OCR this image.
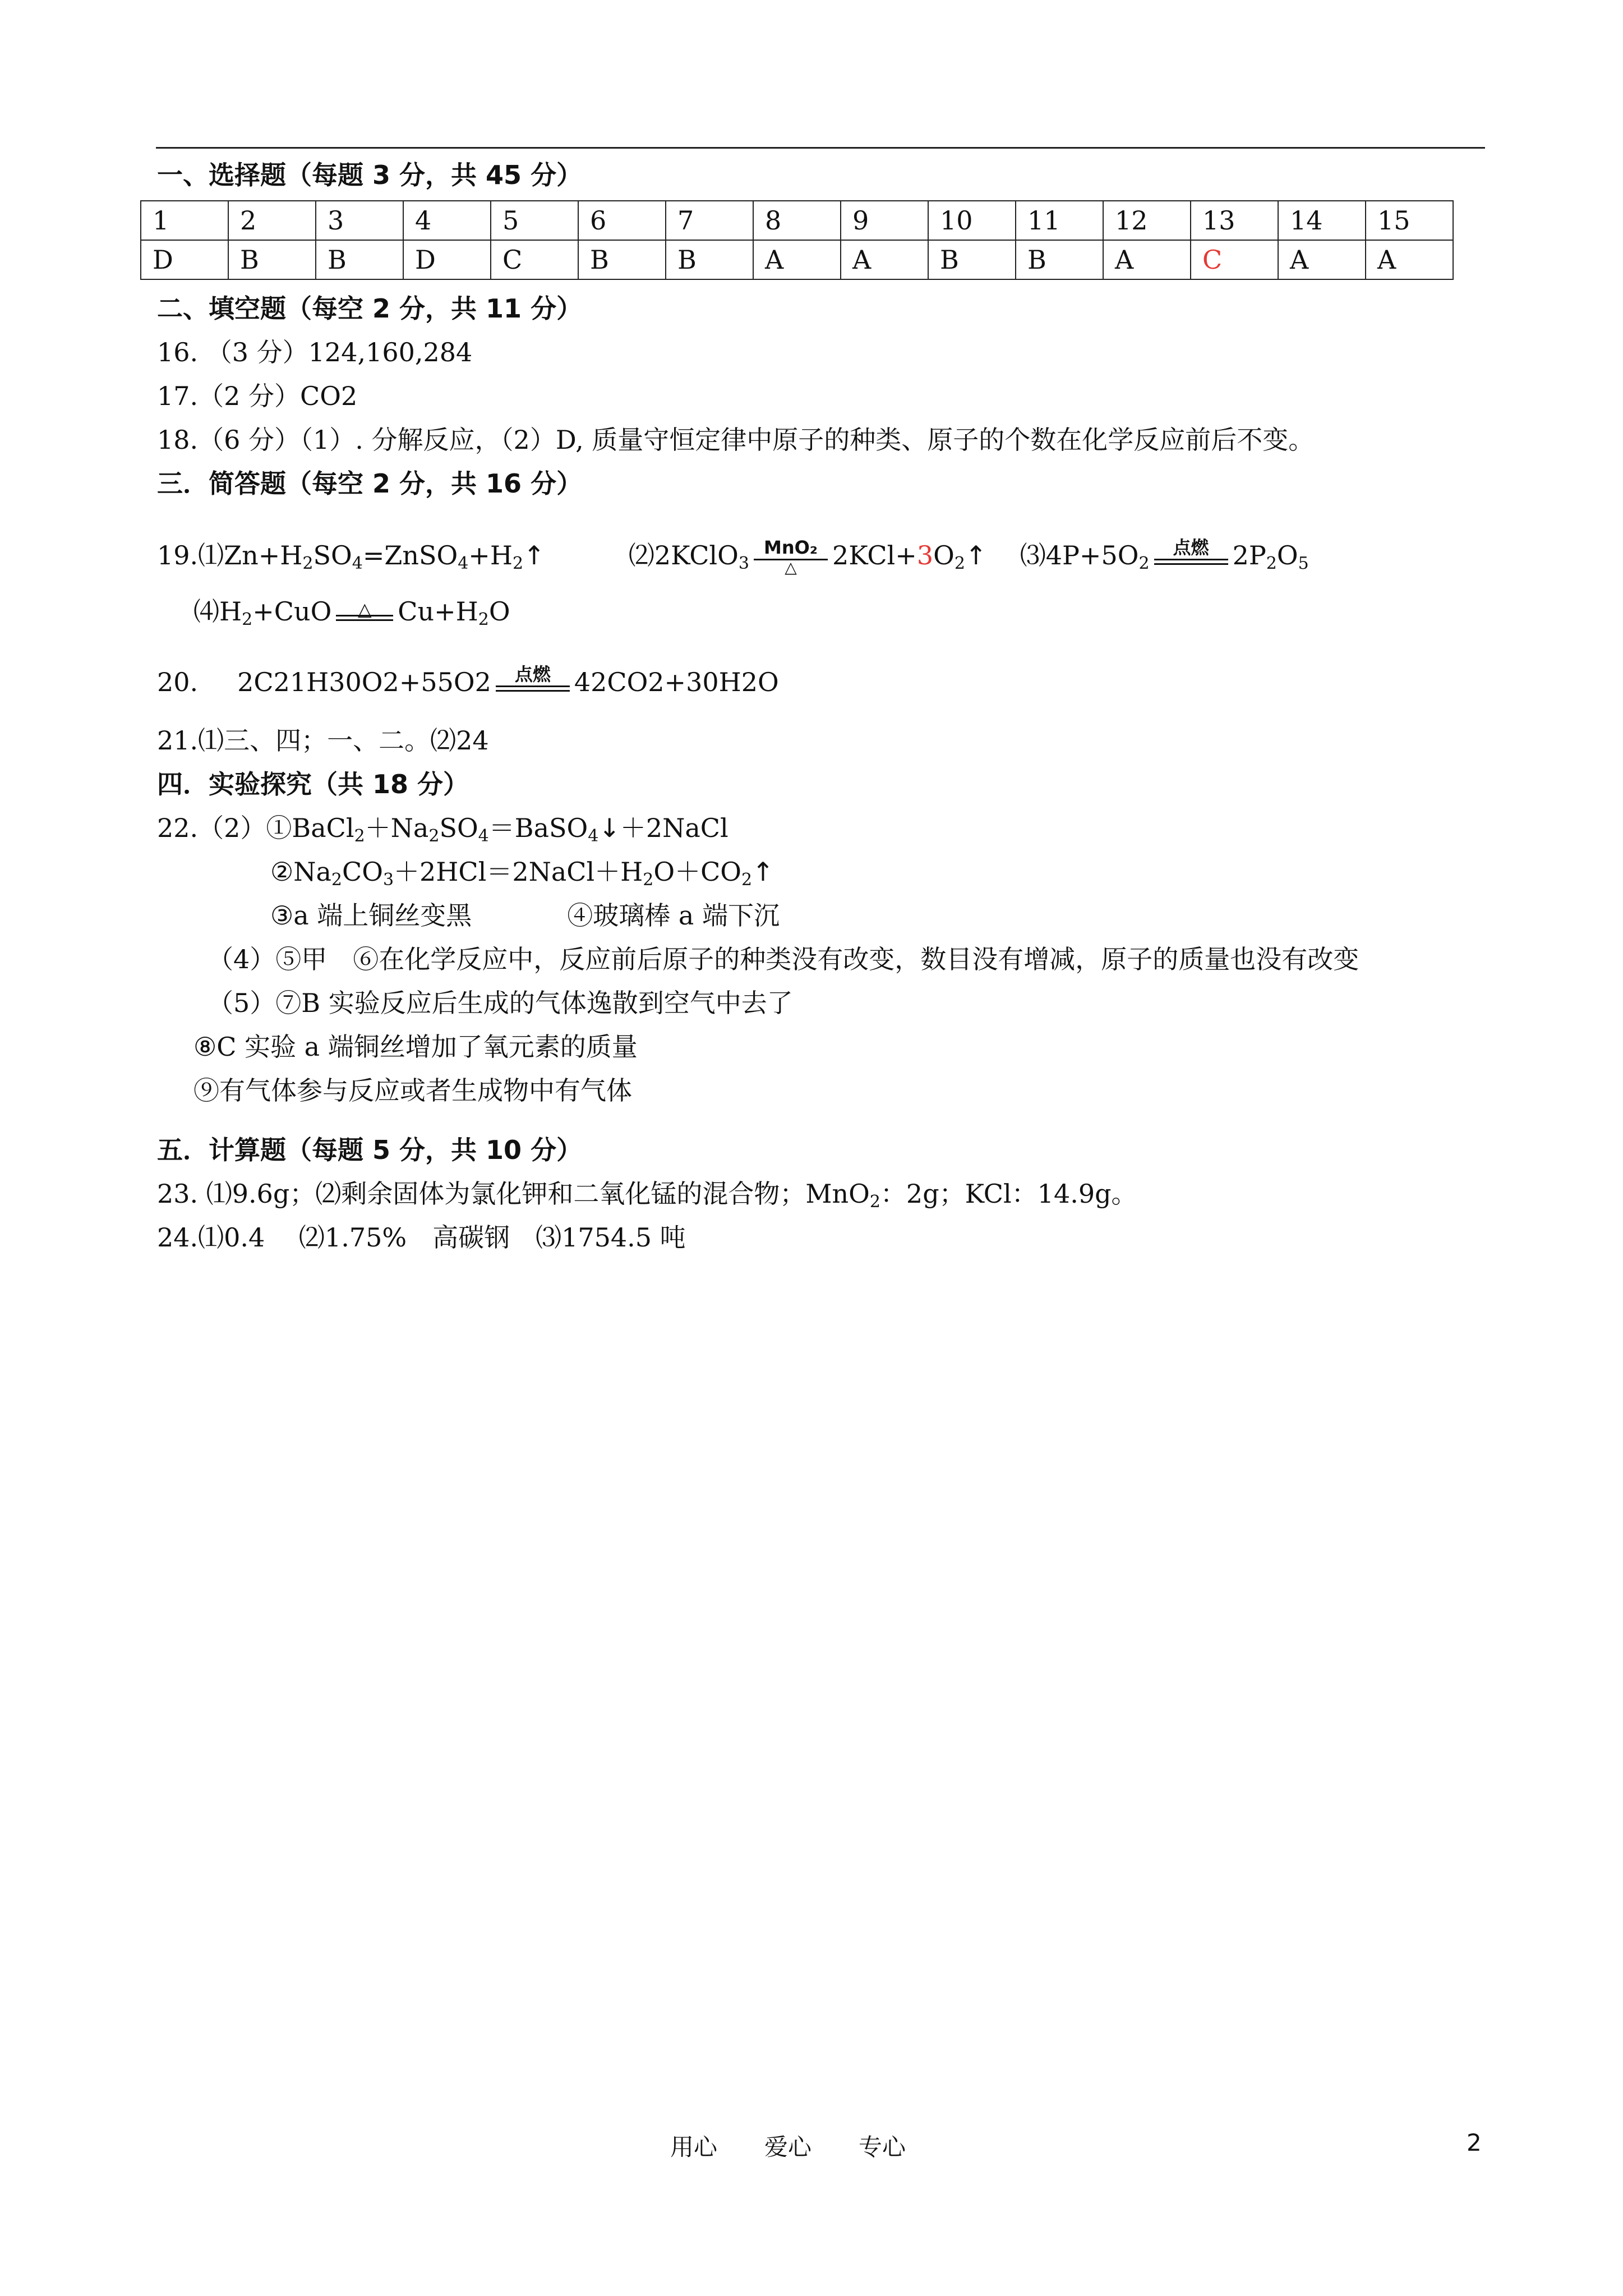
一、选择题（每题 3 分，共 45 分）
1	2	3	4	5	6	7	8	9	10	11	12	13	14	15
D	B	B	D	C	B	B	A	A	B	B	A	C	A	A
二、填空题（每空 2 分，共 11 分）
16. （3 分）124,160,284
17.（2 分）CO2
18.（6 分）（1）. 分解反应，（2）D, 质量守恒定律中原子的种类、原子的个数在化学反应前后不变。
三．简答题（每空 2 分，共 16 分）
$19.⑴Zn+H_2SO_4=ZnSO_4+H_2↑$	⑵2KClO$_3$
MnO₂
△	$2KCl+3O_2↑$ $⑶4P+5O_2$
点燃 $2P_2O_5$
$⑷H_2+CuO$	△	$Cu+H_2O$
20. 2C21H30O2+55O2	点燃 42CO2+30H2O
21.⑴三、四；一、二。⑵24
四．实验探究（共 18 分）
$22.(2)①BaCl_2+Na_2SO_4=BaSO_4↓+2NaCl$
$②Na_2CO_3+2HCl=2NaCl+H_2O+CO_2↑$
③a 端上铜丝变黑	④玻璃棒 a 端下沉
（4）⑤甲　⑥在化学反应中，反应前后原子的种类没有改变，数目没有增减，原子的质量也没有改变
（5）⑦B 实验反应后生成的气体逸散到空气中去了
⑧C 实验 a 端铜丝增加了氧元素的质量
⑨有气体参与反应或者生成物中有气体
五．计算题（每题 5 分，共 10 分）
23. ⑴9.6g；⑵剩余固体为氯化钾和二氧化锰的混合物；MnO$_2$：2g；KCl：14.9g。
24.⑴0.4　 ⑵1.75%　高碳钢　⑶1754.5 吨
用心　　爱心　　专心	2
